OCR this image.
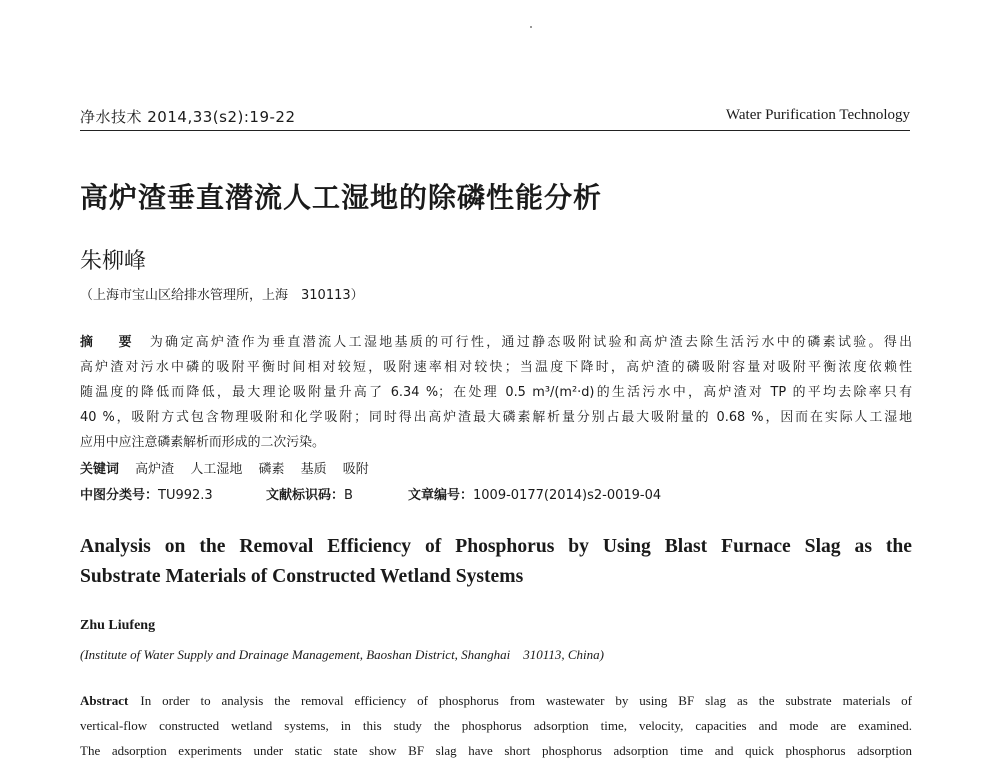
净水技术 2014,33(s2):19-22	Water Purification Technology
高炉渣垂直潜流人工湿地的除磷性能分析
朱柳峰
（上海市宝山区给排水管理所，上海　310113）
摘　要 为确定高炉渣作为垂直潜流人工湿地基质的可行性，通过静态吸附试验和高炉渣去除生活污水中的磷素试验。得出
高炉渣对污水中磷的吸附平衡时间相对较短，吸附速率相对较快；当温度下降时，高炉渣的磷吸附容量对吸附平衡浓度依赖性
随温度的降低而降低，最大理论吸附量升高了 6.34 %；在处理 0.5 m³/(m²·d)的生活污水中，高炉渣对 TP 的平均去除率只有
40 %，吸附方式包含物理吸附和化学吸附；同时得出高炉渣最大磷素解析量分别占最大吸附量的 0.68 %，因而在实际人工湿地
应用中应注意磷素解析而形成的二次污染。
关键词 高炉渣 人工湿地 磷素 基质 吸附
中图分类号：TU992.3	文献标识码：B	文章编号：1009-0177(2014)s2-0019-04
Analysis on the Removal Efficiency of Phosphorus by Using Blast Furnace Slag as the
Substrate Materials of Constructed Wetland Systems
Zhu Liufeng
(Institute of Water Supply and Drainage Management, Baoshan District, Shanghai　310113, China)
Abstract In order to analysis the removal efficiency of phosphorus from wastewater by using BF slag as the substrate materials of
vertical-flow constructed wetland systems, in this study the phosphorus adsorption time, velocity, capacities and mode are examined.
The adsorption experiments under static state show BF slag have short phosphorus adsorption time and quick phosphorus adsorption
